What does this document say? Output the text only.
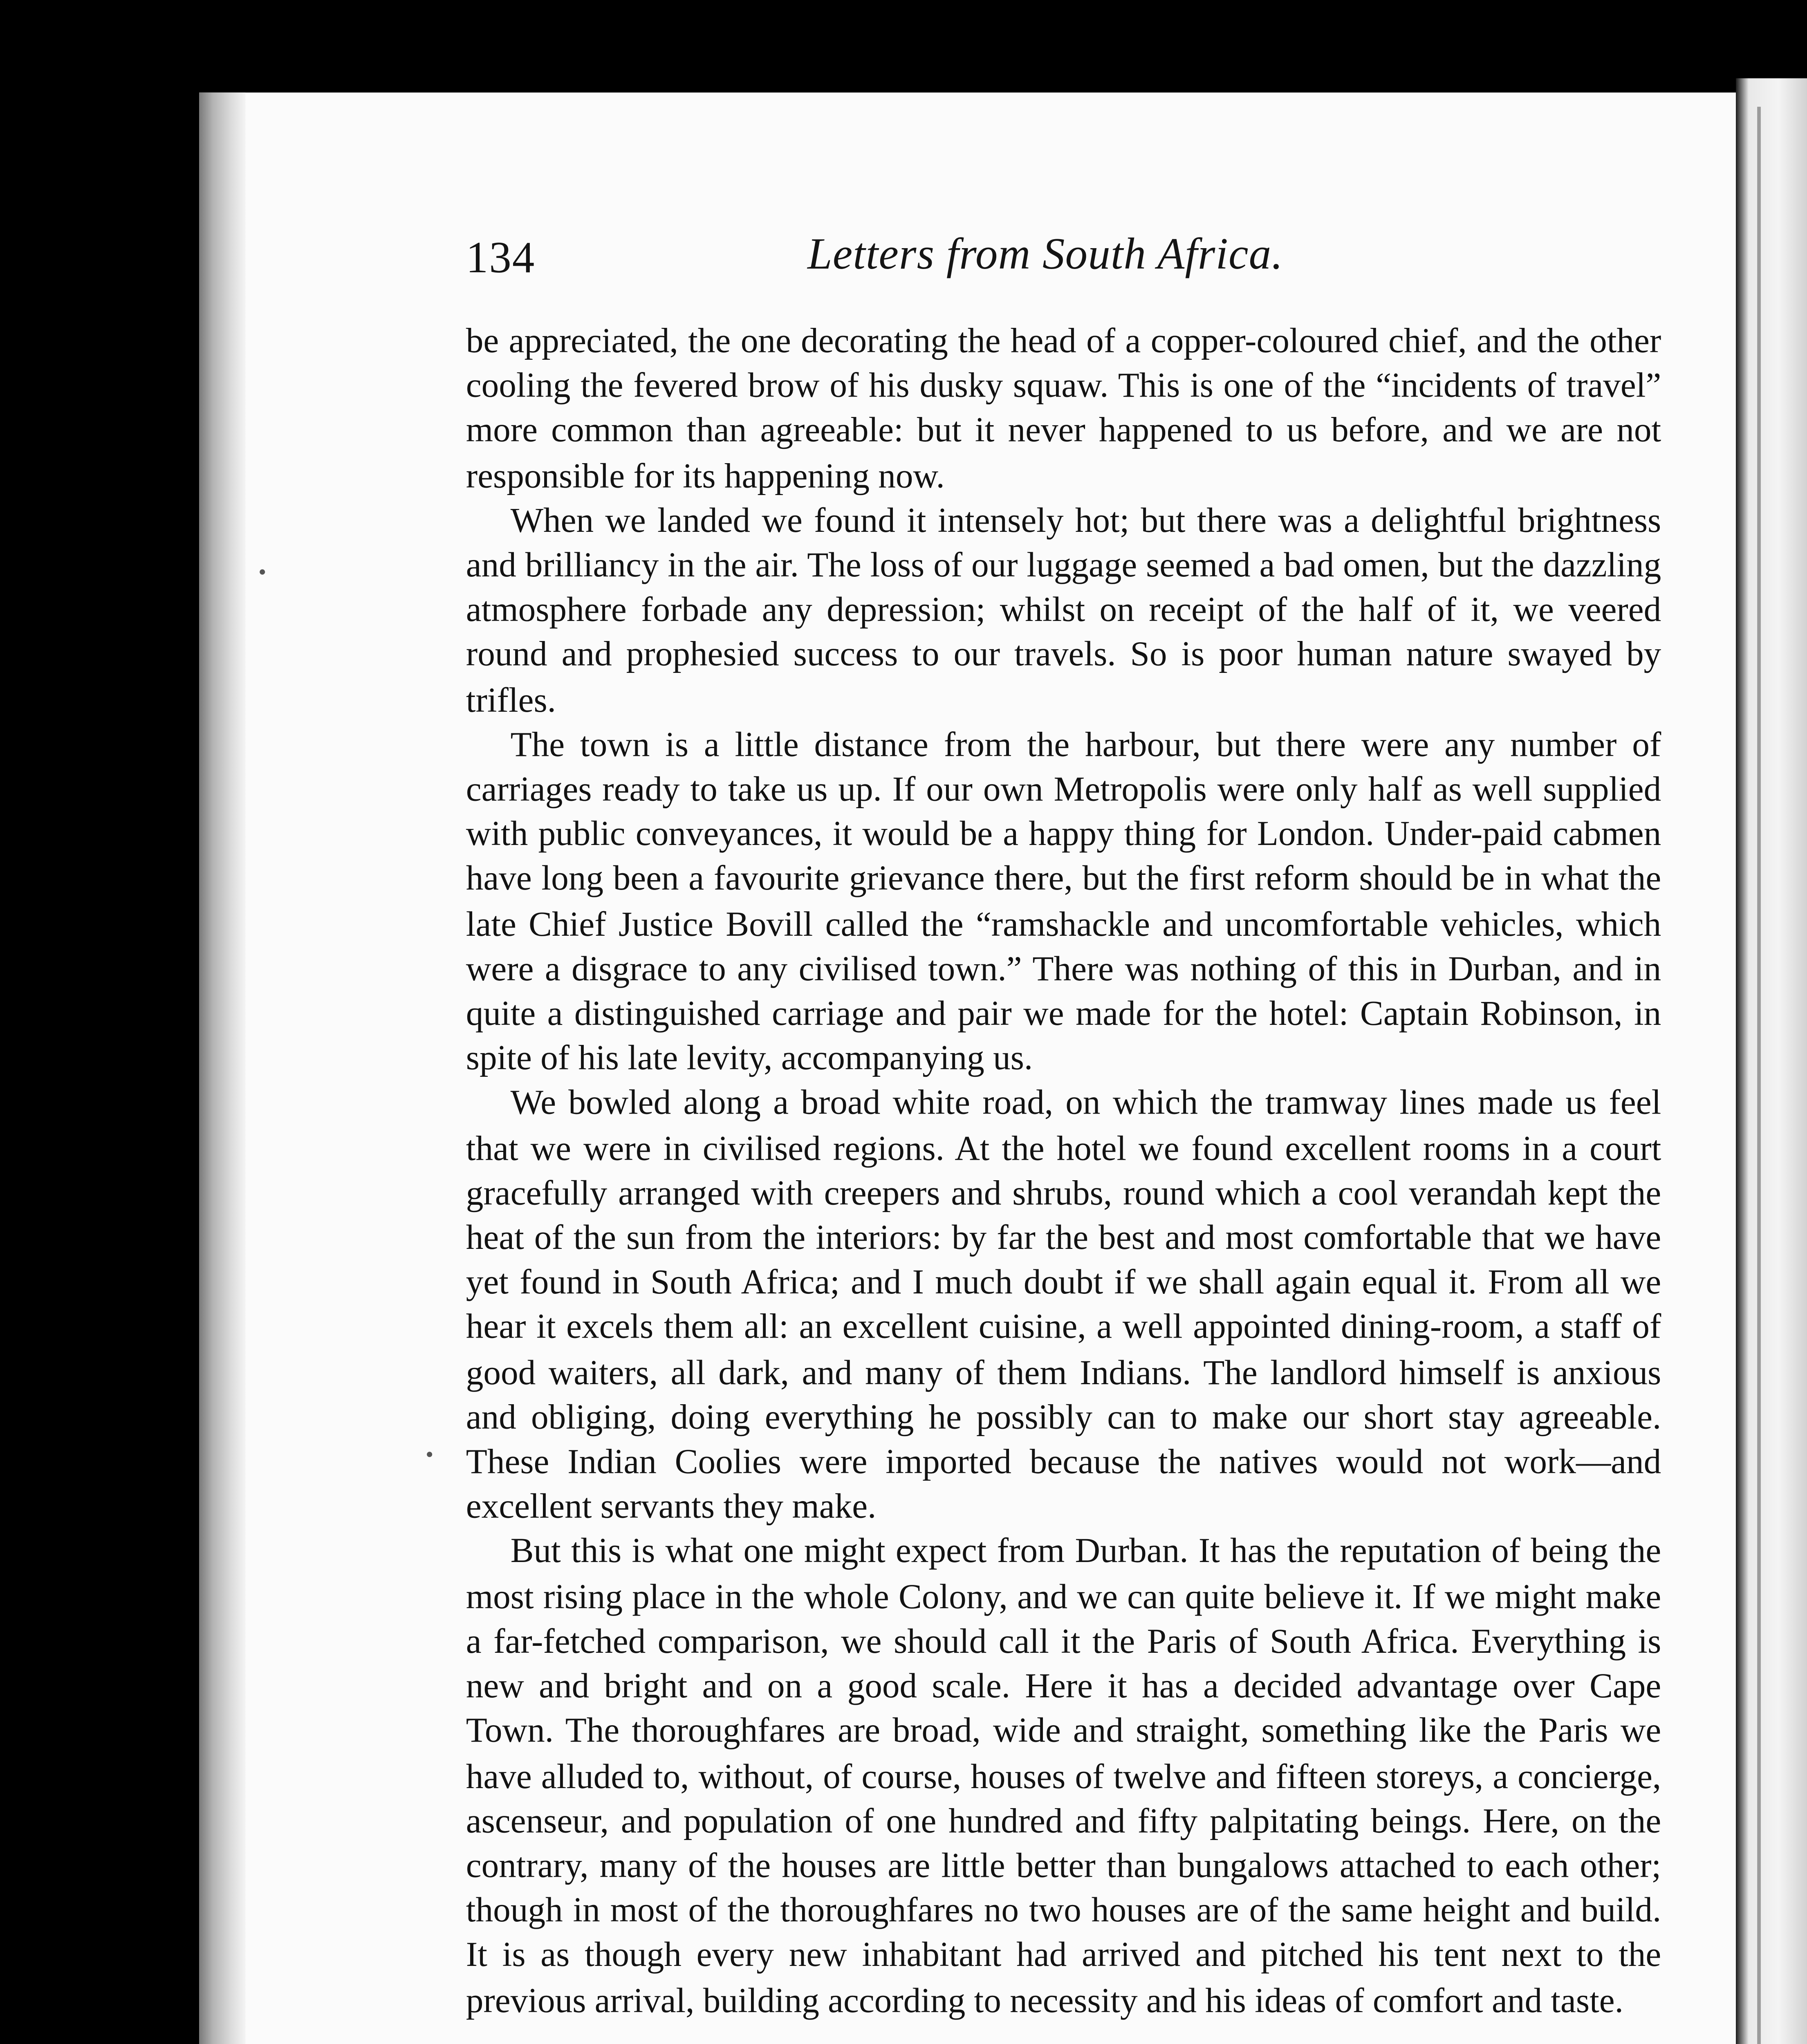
134	Letters from South Africa.

be appreciated, the one decorating the head of a copper-coloured chief, and the other cooling the fevered brow of his dusky squaw. This is one of the “incidents of travel” more common than agreeable: but it never happened to us before, and we are not responsible for its happening now.

When we landed we found it intensely hot; but there was a delightful brightness and brilliancy in the air. The loss of our luggage seemed a bad omen, but the dazzling atmosphere forbade any depression; whilst on receipt of the half of it, we veered round and prophesied success to our travels. So is poor human nature swayed by trifles.

The town is a little distance from the harbour, but there were any number of carriages ready to take us up. If our own Metropolis were only half as well supplied with public conveyances, it would be a happy thing for London. Under-paid cabmen have long been a favourite grievance there, but the first reform should be in what the late Chief Justice Bovill called the “ramshackle and uncomfortable vehicles, which were a disgrace to any civilised town.” There was nothing of this in Durban, and in quite a distinguished carriage and pair we made for the hotel: Captain Robinson, in spite of his late levity, accompanying us.

We bowled along a broad white road, on which the tramway lines made us feel that we were in civilised regions. At the hotel we found excellent rooms in a court gracefully arranged with creepers and shrubs, round which a cool verandah kept the heat of the sun from the interiors: by far the best and most comfortable that we have yet found in South Africa; and I much doubt if we shall again equal it. From all we hear it excels them all: an excellent cuisine, a well appointed dining-room, a staff of good waiters, all dark, and many of them Indians. The landlord himself is anxious and obliging, doing everything he possibly can to make our short stay agreeable. These Indian Coolies were imported because the natives would not work—and excellent servants they make.

But this is what one might expect from Durban. It has the reputation of being the most rising place in the whole Colony, and we can quite believe it. If we might make a far-fetched comparison, we should call it the Paris of South Africa. Everything is new and bright and on a good scale. Here it has a decided advantage over Cape Town. The thoroughfares are broad, wide and straight, something like the Paris we have alluded to, without, of course, houses of twelve and fifteen storeys, a concierge, ascenseur, and population of one hundred and fifty palpitating beings. Here, on the contrary, many of the houses are little better than bungalows attached to each other; though in most of the thoroughfares no two houses are of the same height and build. It is as though every new inhabitant had arrived and pitched his tent next to the previous arrival, building according to necessity and his ideas of comfort and taste.
